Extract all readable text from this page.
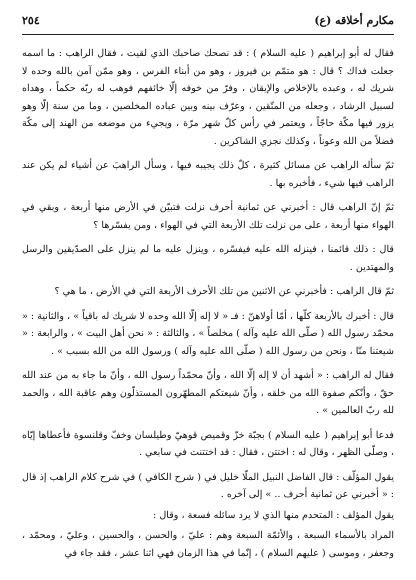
٢٥٤	مكارم أخلاقه (ع)

فقال له أبو إبراهيم ( عليه السلام ) : قد نصحك صاحبك الذي لقيت ، فقال الراهب : ما اسمه جعلت فداك ؟ قال : هو متمّم بن فيروز ، وهو من أبناء الفرس ، وهو ممّن آمن بالله وحده لا شريك له ، وعبده بالإخلاص والإيقان ، وفرّ من خوفه إلّا خائفهم فوهب له ربّه حكماً ، وهداه لسبيل الرشاد ، وجعله من المتّقين ، وعرّف بينه وبين عباده المخلصين ، وما من سنة إلّا وهو يزور فيها مكّة حاجّاً ، ويعتمر في رأس كلّ شهر مرّة ، ويجيء من موضعه من الهند إلى مكّة فضلاً من الله وعوناً ، وكذلك نجزي الشاكرين .

ثمّ سأله الراهب عن مسائل كثيرة ، كلّ ذلك يجيبه فيها ، وسأل الراهبَ عن أشياء لم يكن عند الراهب فيها شيء ، فأخبره بها .

ثمّ إنّ الراهب قال : أخبرني عن ثمانية أحرف نزلت فتبيّن في الأرض منها أربعة ، وبقي في الهواء منها أربعة ، على من نزلت تلك الأربعة التي في الهواء ، ومن يفسّرها ؟

قال : ذلك قائمنا ، فينزله الله عليه فيفسّره ، وينزل عليه ما لم ينزل على الصدّيقين والرسل والمهتدين .

ثمّ قال الراهب : فأخبرني عن الاثنين من تلك الأحرف الأربعة التي في الأرض ، ما هي ؟

قال : أخبرك بالأربعة كلّها ، أمّا أولاهنّ : فـ « لا إله إلّا الله وحده لا شريك له باقياً » ، والثانية : « محمّد رسول الله ( صلّى الله عليه وآله ) مخلصاً » ، والثالثة : « نحن أهل البيت » ، والرابعة : « شيعتنا منّا ، ونحن من رسول الله ( صلّى الله عليه وآله ) ورسول الله من الله بسبب » .

فقال له الراهب : « أشهد أن لا إله إلّا الله ، وأنّ محمّداً رسول الله ، وأنّ ما جاء به من عند الله حقّ ، وأنّكم صفوة الله من خلقه ، وأنّ شيعتكم المطهّرون المستذلّون وهم عاقبة الله ، والحمد لله ربّ العالمين » .

فدعا أبو إبراهيم ( عليه السلام ) بجبّة خزّ وقميص قوهيّ وطيلسان وخفّ وقلنسوة فأعطاها إيّاه ، وصلّى الظهر ، وقال له : اختتن ، فقال : قد اختتنت في سابعي .

يقول المؤلّف : قال الفاضل النبيل الملّا خليل في ( شرح الكافي ) في شرح كلام الراهب إذ قال : « أخبرني عن ثمانية أحرف .. » إلى آخره .

يقول المؤلف : المتحدم منها الذي لا يرد سائله فسعة ، وقال :

المراد بالأسماء السبعة ، والأئمّة السبعة وهم : عليّ ، والحسن ، والحسين ، وعليّ ، ومحمّد ، وجعفر ، وموسى ( عليهم السلام ) ، إنّما في هذا الزمان فهي اثنا عشر ، فقد جاء في
